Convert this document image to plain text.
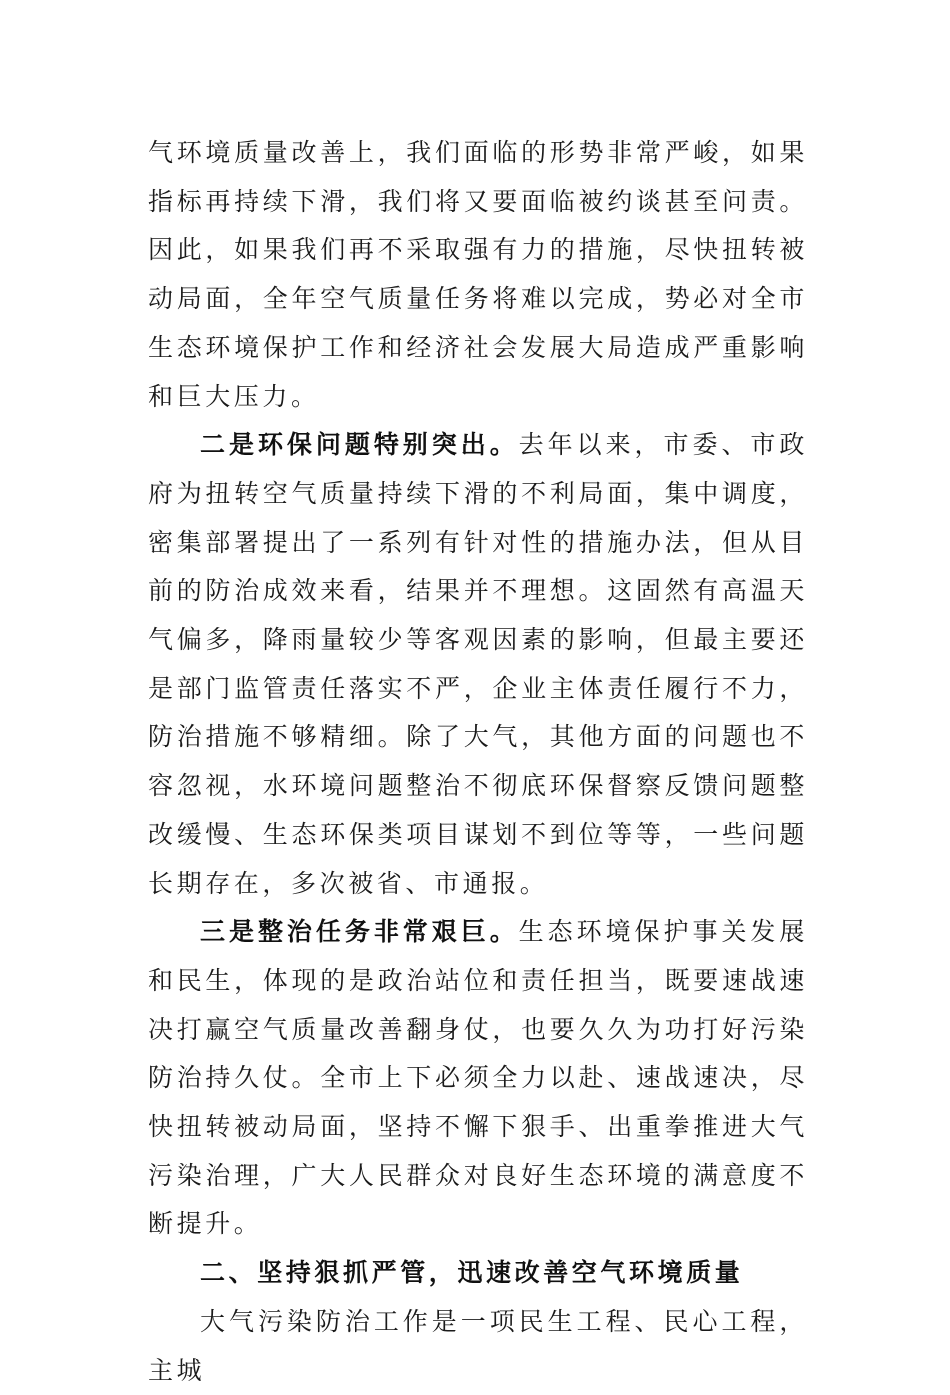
气环境质量改善上，我们面临的形势非常严峻，如果指标再持续下滑，我们将又要面临被约谈甚至问责。因此，如果我们再不采取强有力的措施，尽快扭转被动局面，全年空气质量任务将难以完成，势必对全市生态环境保护工作和经济社会发展大局造成严重影响和巨大压力。

二是环保问题特别突出。去年以来，市委、市政府为扭转空气质量持续下滑的不利局面，集中调度，密集部署提出了一系列有针对性的措施办法，但从目前的防治成效来看，结果并不理想。这固然有高温天气偏多，降雨量较少等客观因素的影响，但最主要还是部门监管责任落实不严，企业主体责任履行不力，防治措施不够精细。除了大气，其他方面的问题也不容忽视，水环境问题整治不彻底环保督察反馈问题整改缓慢、生态环保类项目谋划不到位等等，一些问题长期存在，多次被省、市通报。

三是整治任务非常艰巨。生态环境保护事关发展和民生，体现的是政治站位和责任担当，既要速战速决打赢空气质量改善翻身仗，也要久久为功打好污染防治持久仗。全市上下必须全力以赴、速战速决，尽快扭转被动局面，坚持不懈下狠手、出重拳推进大气污染治理，广大人民群众对良好生态环境的满意度不断提升。

二、坚持狠抓严管，迅速改善空气环境质量

大气污染防治工作是一项民生工程、民心工程，主城
